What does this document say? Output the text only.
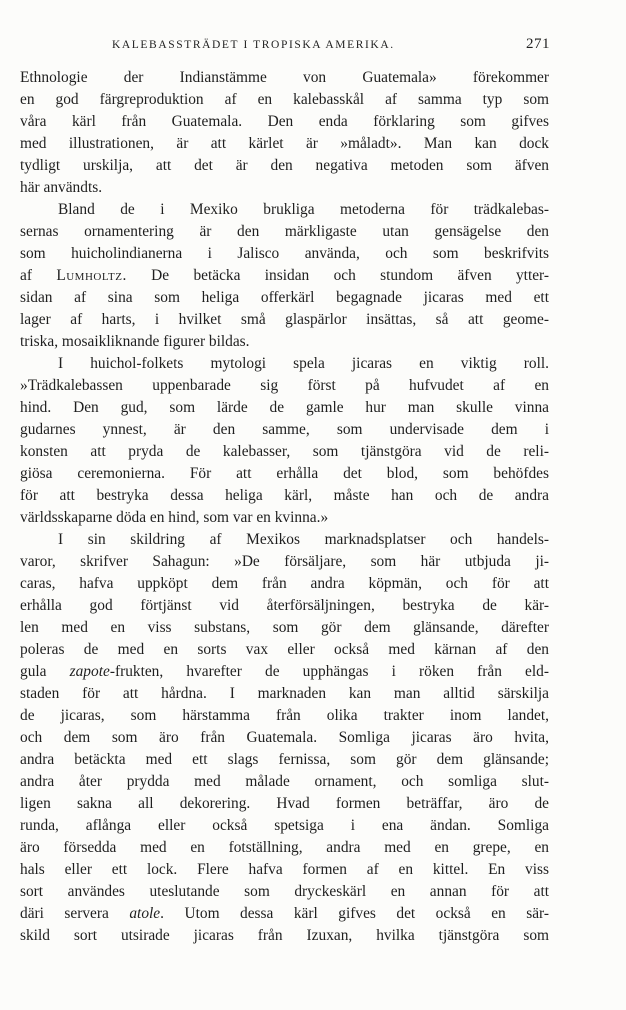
KALEBASSTRÄDET I TROPISKA AMERIKA.	271
Ethnologie der Indianstämme von Guatemala» förekommer
en god färgreproduktion af en kalebasskål af samma typ som
våra kärl från Guatemala. Den enda förklaring som gifves
med illustrationen, är att kärlet är »måladt». Man kan dock
tydligt urskilja, att det är den negativa metoden som äfven
här användts.
Bland de i Mexiko brukliga metoderna för trädkalebas-
sernas ornamentering är den märkligaste utan gensägelse den
som huicholindianerna i Jalisco använda, och som beskrifvits
af Lumholtz. De betäcka insidan och stundom äfven ytter-
sidan af sina som heliga offerkärl begagnade jicaras med ett
lager af harts, i hvilket små glaspärlor insättas, så att geome-
triska, mosaikliknande figurer bildas.
I huichol-folkets mytologi spela jicaras en viktig roll.
»Trädkalebassen uppenbarade sig först på hufvudet af en
hind. Den gud, som lärde de gamle hur man skulle vinna
gudarnes ynnest, är den samme, som undervisade dem i
konsten att pryda de kalebasser, som tjänstgöra vid de reli-
giösa ceremonierna. För att erhålla det blod, som behöfdes
för att bestryka dessa heliga kärl, måste han och de andra
världsskaparne döda en hind, som var en kvinna.»
I sin skildring af Mexikos marknadsplatser och handels-
varor, skrifver Sahagun: »De försäljare, som här utbjuda ji-
caras, hafva uppköpt dem från andra köpmän, och för att
erhålla god förtjänst vid återförsäljningen, bestryka de kär-
len med en viss substans, som gör dem glänsande, därefter
poleras de med en sorts vax eller också med kärnan af den
gula zapote-frukten, hvarefter de upphängas i röken från eld-
staden för att hårdna. I marknaden kan man alltid särskilja
de jicaras, som härstamma från olika trakter inom landet,
och dem som äro från Guatemala. Somliga jicaras äro hvita,
andra betäckta med ett slags fernissa, som gör dem glänsande;
andra åter prydda med målade ornament, och somliga slut-
ligen sakna all dekorering. Hvad formen beträffar, äro de
runda, aflånga eller också spetsiga i ena ändan. Somliga
äro försedda med en fotställning, andra med en grepe, en
hals eller ett lock. Flere hafva formen af en kittel. En viss
sort användes uteslutande som dryckeskärl en annan för att
däri servera atole. Utom dessa kärl gifves det också en sär-
skild sort utsirade jicaras från Izuxan, hvilka tjänstgöra som
